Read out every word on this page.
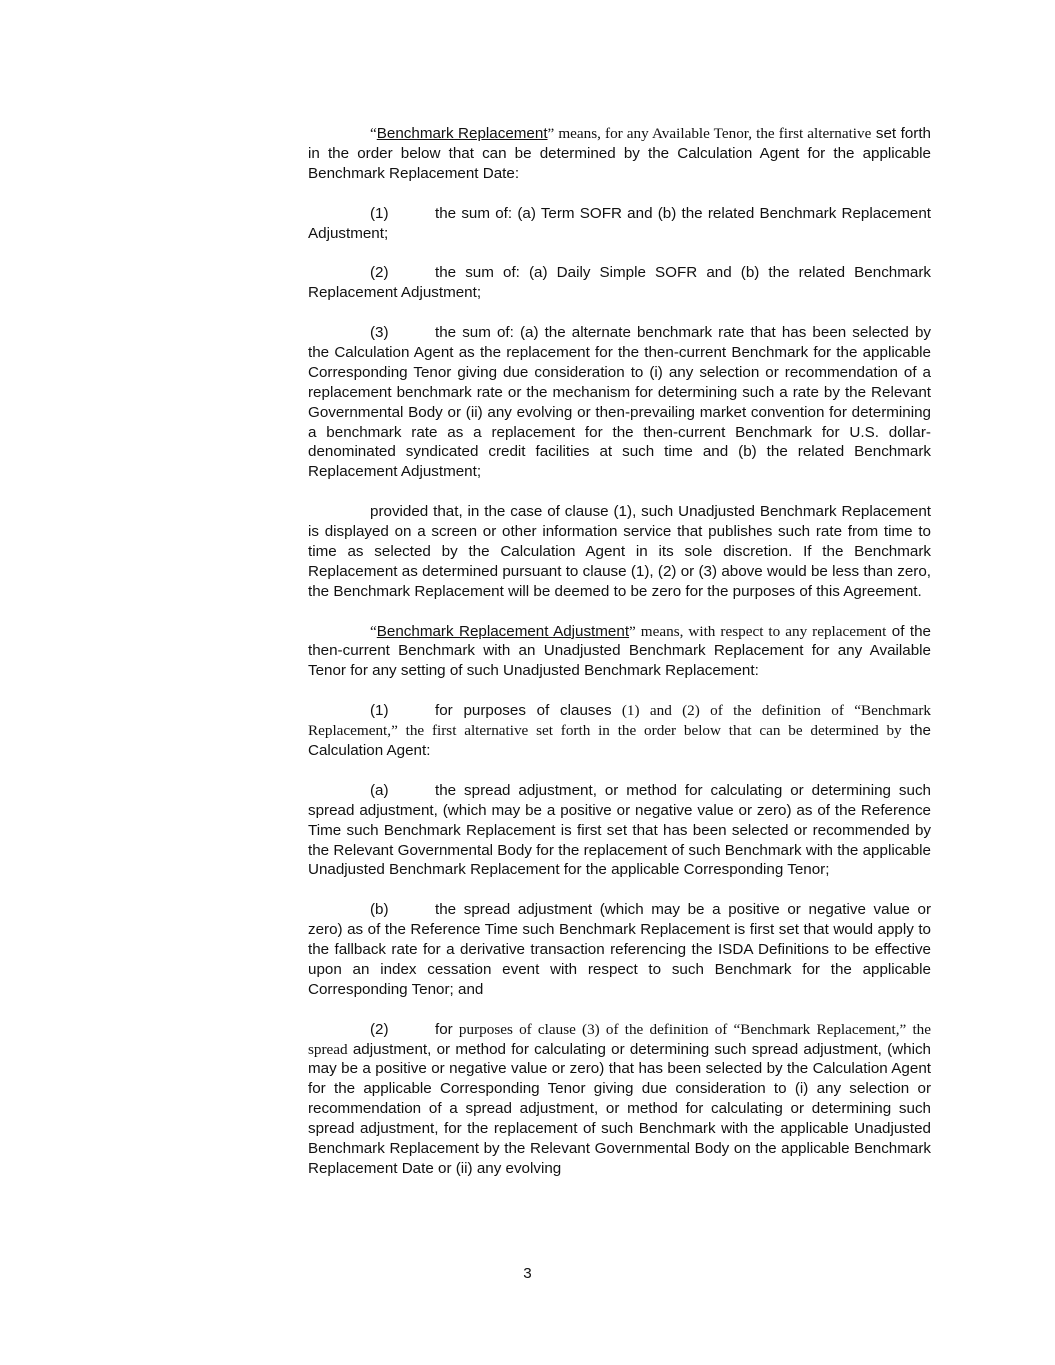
“Benchmark Replacement” means, for any Available Tenor, the first alternative set forth in the order below that can be determined by the Calculation Agent for the applicable Benchmark Replacement Date:

(1)	the sum of: (a) Term SOFR and (b) the related Benchmark Replacement Adjustment;

(2)	the sum of: (a) Daily Simple SOFR and (b) the related Benchmark Replacement Adjustment;

(3)	the sum of: (a) the alternate benchmark rate that has been selected by the Calculation Agent as the replacement for the then-current Benchmark for the applicable Corresponding Tenor giving due consideration to (i) any selection or recommendation of a replacement benchmark rate or the mechanism for determining such a rate by the Relevant Governmental Body or (ii) any evolving or then-prevailing market convention for determining a benchmark rate as a replacement for the then-current Benchmark for U.S. dollar-denominated syndicated credit facilities at such time and (b) the related Benchmark Replacement Adjustment;

provided that, in the case of clause (1), such Unadjusted Benchmark Replacement is displayed on a screen or other information service that publishes such rate from time to time as selected by the Calculation Agent in its sole discretion. If the Benchmark Replacement as determined pursuant to clause (1), (2) or (3) above would be less than zero, the Benchmark Replacement will be deemed to be zero for the purposes of this Agreement.

“Benchmark Replacement Adjustment” means, with respect to any replacement of the then-current Benchmark with an Unadjusted Benchmark Replacement for any Available Tenor for any setting of such Unadjusted Benchmark Replacement:

(1)	for purposes of clauses (1) and (2) of the definition of “Benchmark Replacement,” the first alternative set forth in the order below that can be determined by the Calculation Agent:

(a)	the spread adjustment, or method for calculating or determining such spread adjustment, (which may be a positive or negative value or zero) as of the Reference Time such Benchmark Replacement is first set that has been selected or recommended by the Relevant Governmental Body for the replacement of such Benchmark with the applicable Unadjusted Benchmark Replacement for the applicable Corresponding Tenor;

(b)	the spread adjustment (which may be a positive or negative value or zero) as of the Reference Time such Benchmark Replacement is first set that would apply to the fallback rate for a derivative transaction referencing the ISDA Definitions to be effective upon an index cessation event with respect to such Benchmark for the applicable Corresponding Tenor; and

(2)	for purposes of clause (3) of the definition of “Benchmark Replacement,” the spread adjustment, or method for calculating or determining such spread adjustment, (which may be a positive or negative value or zero) that has been selected by the Calculation Agent for the applicable Corresponding Tenor giving due consideration to (i) any selection or recommendation of a spread adjustment, or method for calculating or determining such spread adjustment, for the replacement of such Benchmark with the applicable Unadjusted Benchmark Replacement by the Relevant Governmental Body on the applicable Benchmark Replacement Date or (ii) any evolving

3
